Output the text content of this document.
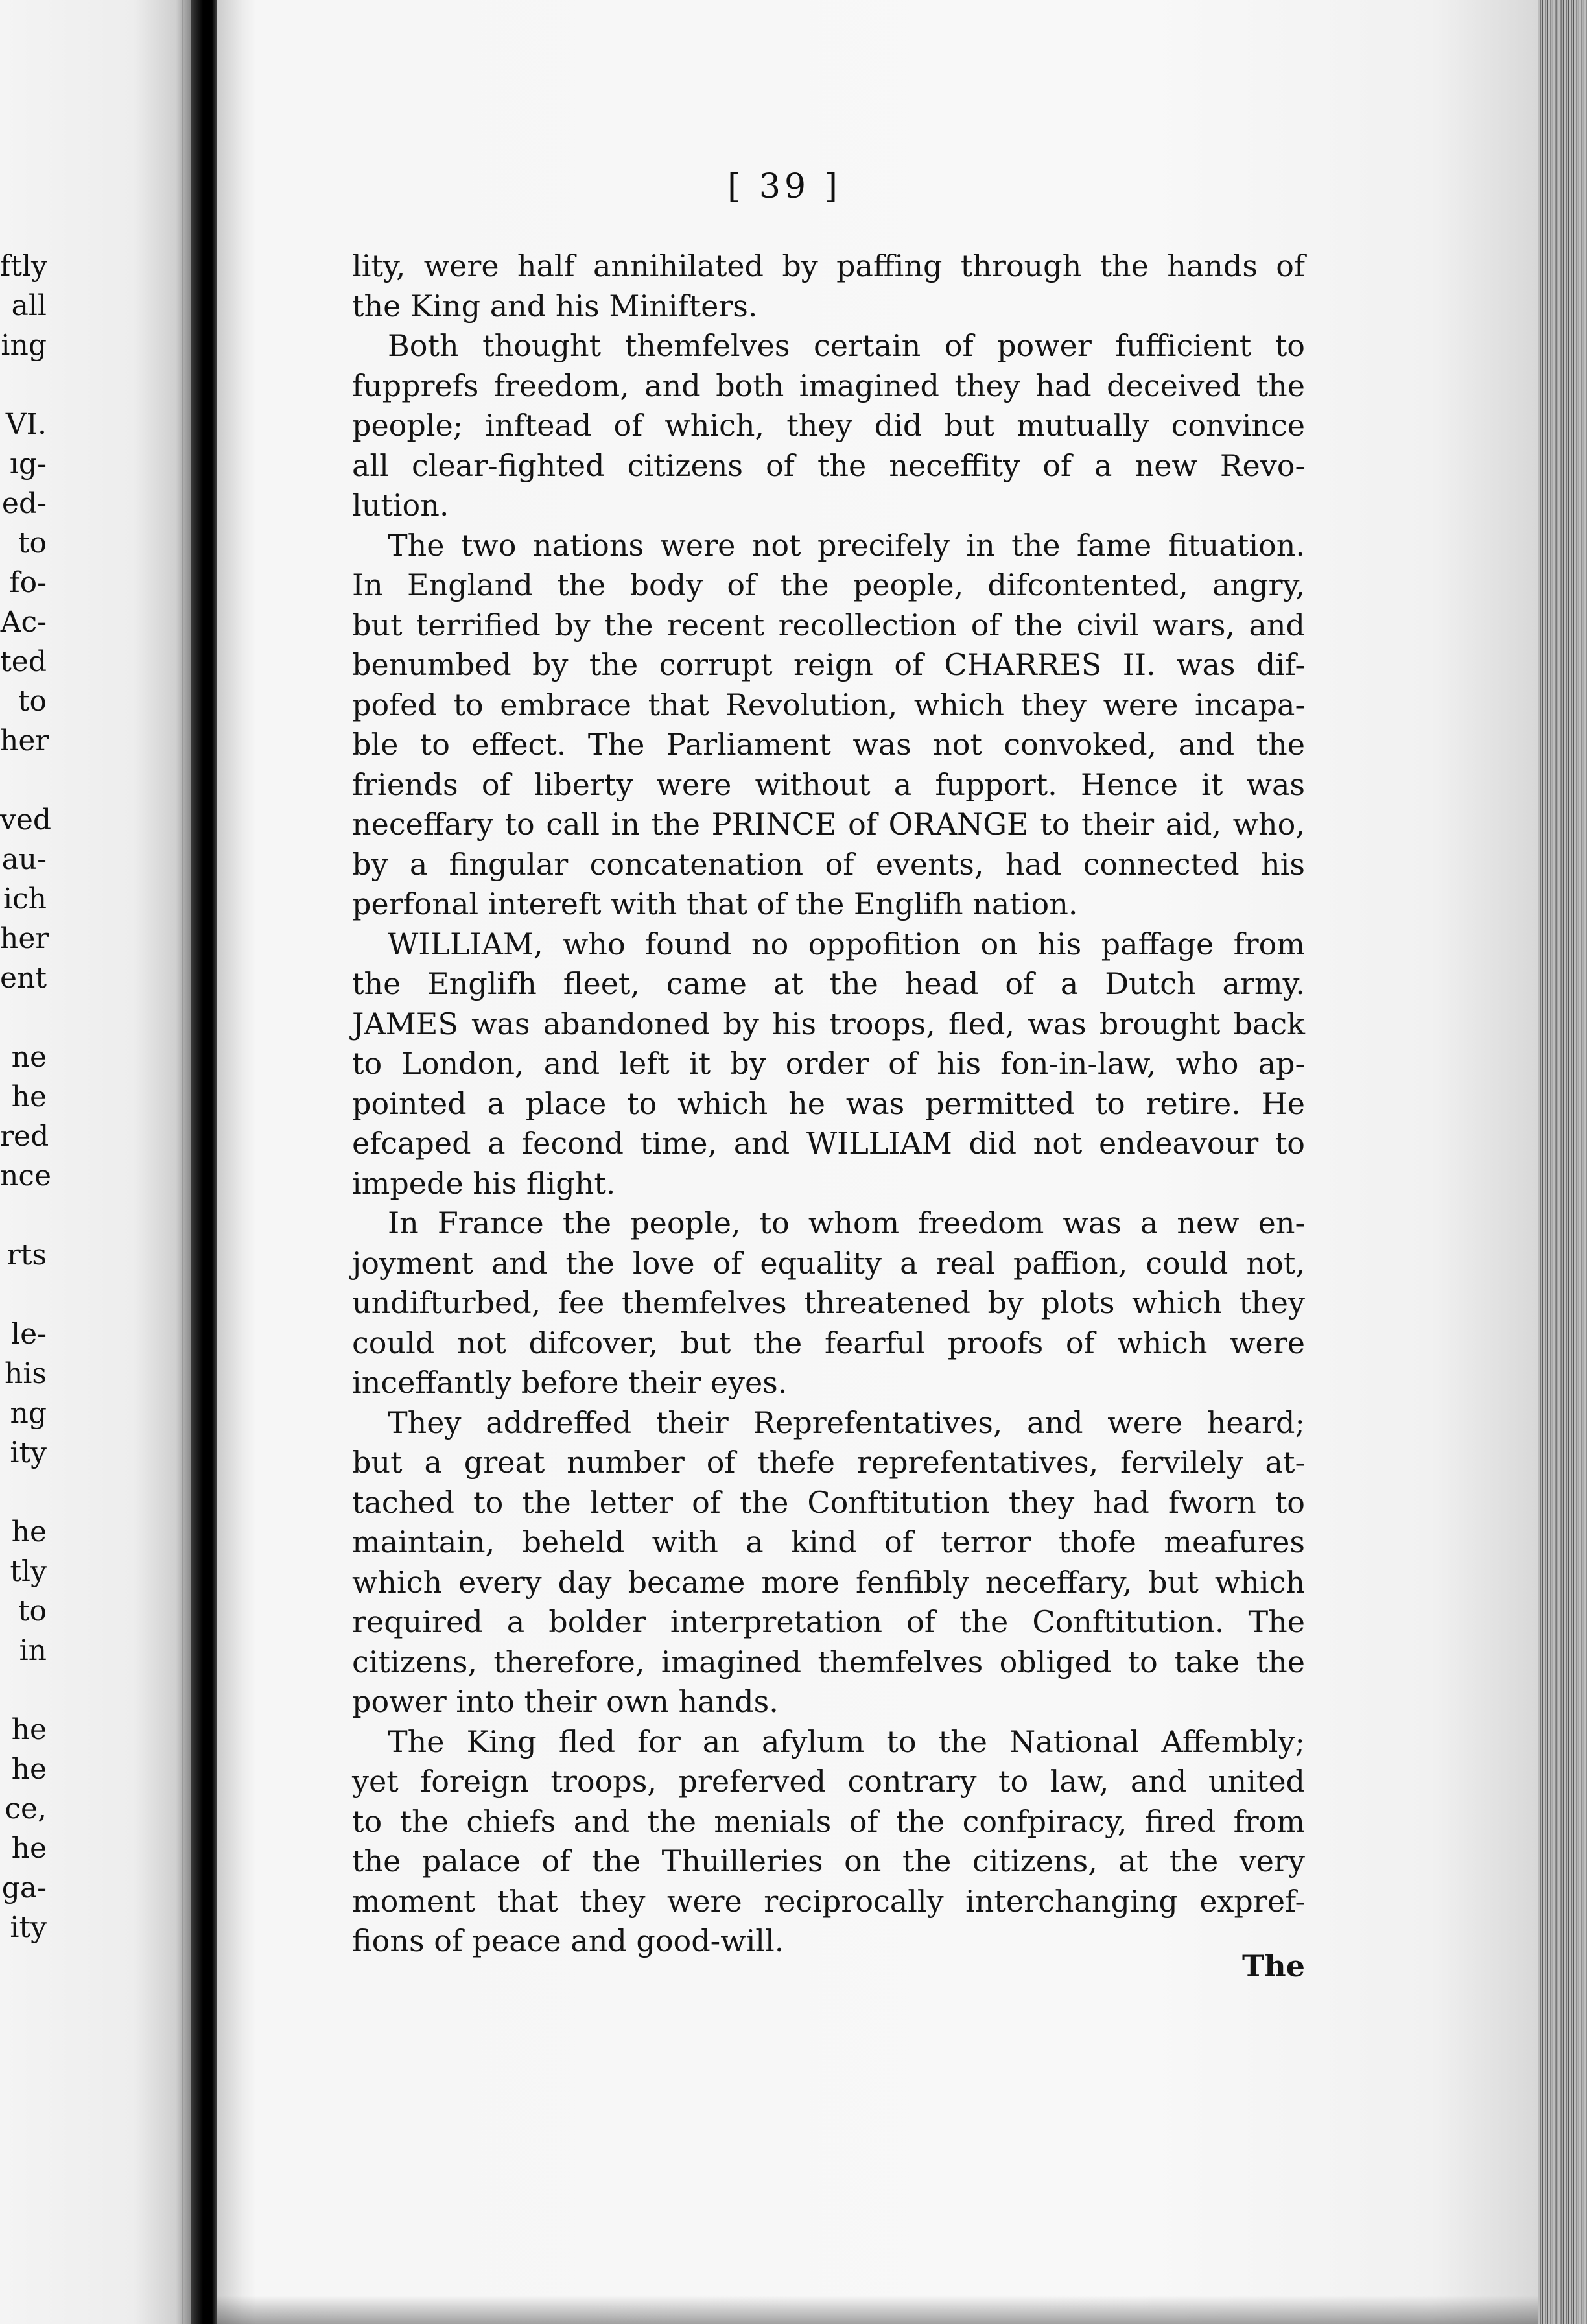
ftly
all
ing
VI.
ıg-
ed-
to
fo-
Ac-
ted
to
her
ved
au-
ich
her
ent
ne
he
red
nce
rts
le-
his
ng
ity
he
tly
to
in
he
he
ce,
he
ga-
ity
[ 39 ]
lity, were half annihilated by paffing through the hands of
the King and his Minifters.
Both thought themfelves certain of power fufficient to
fupprefs freedom, and both imagined they had deceived the
people; inftead of which, they did but mutually convince
all clear-fighted citizens of the neceffity of a new Revo-
lution.
The two nations were not precifely in the fame fituation.
In England the body of the people, difcontented, angry,
but terrified by the recent recollection of the civil wars, and
benumbed by the corrupt reign of CHARRES II. was dif-
pofed to embrace that Revolution, which they were incapa-
ble to effect. The Parliament was not convoked, and the
friends of liberty were without a fupport. Hence it was
neceffary to call in the PRINCE of ORANGE to their aid, who,
by a fingular concatenation of events, had connected his
perfonal intereft with that of the Englifh nation.
WILLIAM, who found no oppofition on his paffage from
the Englifh fleet, came at the head of a Dutch army.
JAMES was abandoned by his troops, fled, was brought back
to London, and left it by order of his fon-in-law, who ap-
pointed a place to which he was permitted to retire. He
efcaped a fecond time, and WILLIAM did not endeavour to
impede his flight.
In France the people, to whom freedom was a new en-
joyment and the love of equality a real paffion, could not,
undifturbed, fee themfelves threatened by plots which they
could not difcover, but the fearful proofs of which were
inceffantly before their eyes.
They addreffed their Reprefentatives, and were heard;
but a great number of thefe reprefentatives, fervilely at-
tached to the letter of the Conftitution they had fworn to
maintain, beheld with a kind of terror thofe meafures
which every day became more fenfibly neceffary, but which
required a bolder interpretation of the Conftitution. The
citizens, therefore, imagined themfelves obliged to take the
power into their own hands.
The King fled for an afylum to the National Affembly;
yet foreign troops, preferved contrary to law, and united
to the chiefs and the menials of the confpiracy, fired from
the palace of the Thuilleries on the citizens, at the very
moment that they were reciprocally interchanging expref-
fions of peace and good-will.
The
